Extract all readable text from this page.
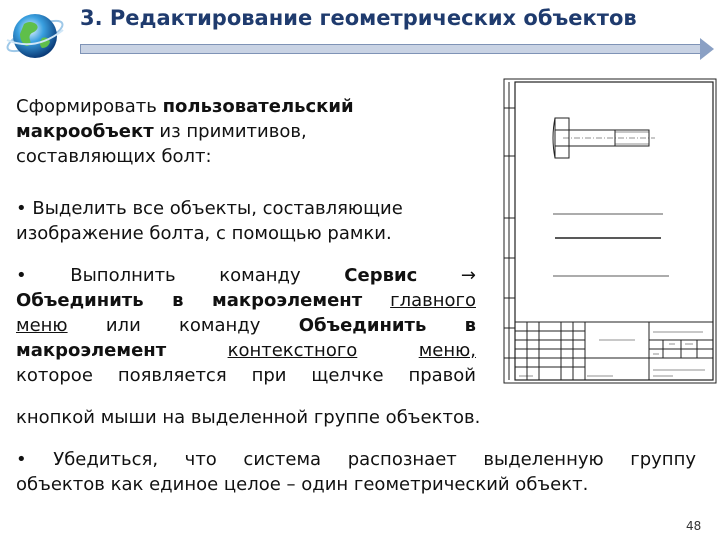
3. Редактирование геометрических объектов
Сформировать пользовательский
макрообъект из примитивов,
составляющих болт:
• Выделить все объекты, составляющие
изображение болта, с помощью рамки.
• Выполнить команду Сервис →
Объединить в макроэлемент главного
меню или команду Объединить в
макроэлемент	контекстного	меню,
которое появляется при щелчке правой
кнопкой мыши на выделенной группе объектов.
• Убедиться, что система распознает выделенную группу
объектов как единое целое – один геометрический объект.
48
